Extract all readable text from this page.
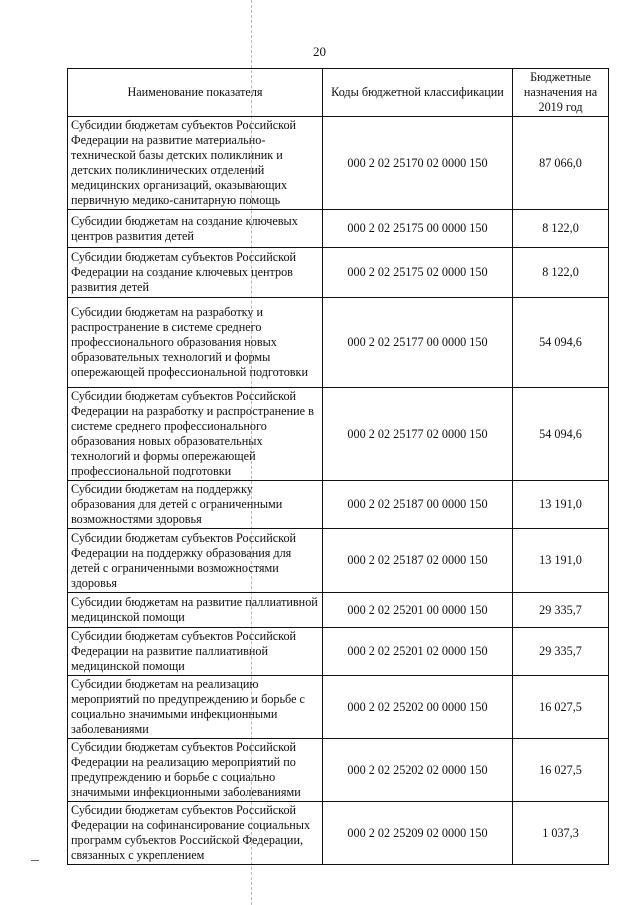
20
Наименование показателя	Коды бюджетной классификации	Бюджетные назначения на 2019 год
Субсидии бюджетам субъектов Российской Федерации на развитие материально-технической базы детских поликлиник и детских поликлинических отделений медицинских организаций, оказывающих первичную медико-санитарную помощь	000 2 02 25170 02 0000 150	87 066,0
Субсидии бюджетам на создание ключевых центров развития детей	000 2 02 25175 00 0000 150	8 122,0
Субсидии бюджетам субъектов Российской Федерации на создание ключевых центров развития детей	000 2 02 25175 02 0000 150	8 122,0
Субсидии бюджетам на разработку и распространение в системе среднего профессионального образования новых образовательных технологий и формы опережающей профессиональной подготовки	000 2 02 25177 00 0000 150	54 094,6
Субсидии бюджетам субъектов Российской Федерации на разработку и распространение в системе среднего профессионального образования новых образовательных технологий и формы опережающей профессиональной подготовки	000 2 02 25177 02 0000 150	54 094,6
Субсидии бюджетам на поддержку образования для детей с ограниченными возможностями здоровья	000 2 02 25187 00 0000 150	13 191,0
Субсидии бюджетам субъектов Российской Федерации на поддержку образования для детей с ограниченными возможностями здоровья	000 2 02 25187 02 0000 150	13 191,0
Субсидии бюджетам на развитие паллиативной медицинской помощи	000 2 02 25201 00 0000 150	29 335,7
Субсидии бюджетам субъектов Российской Федерации на развитие паллиативной медицинской помощи	000 2 02 25201 02 0000 150	29 335,7
Субсидии бюджетам на реализацию мероприятий по предупреждению и борьбе с социально значимыми инфекционными заболеваниями	000 2 02 25202 00 0000 150	16 027,5
Субсидии бюджетам субъектов Российской Федерации на реализацию мероприятий по предупреждению и борьбе с социально значимыми инфекционными заболеваниями	000 2 02 25202 02 0000 150	16 027,5
Субсидии бюджетам субъектов Российской Федерации на софинансирование социальных программ субъектов Российской Федерации, связанных с укреплением	000 2 02 25209 02 0000 150	1 037,3
